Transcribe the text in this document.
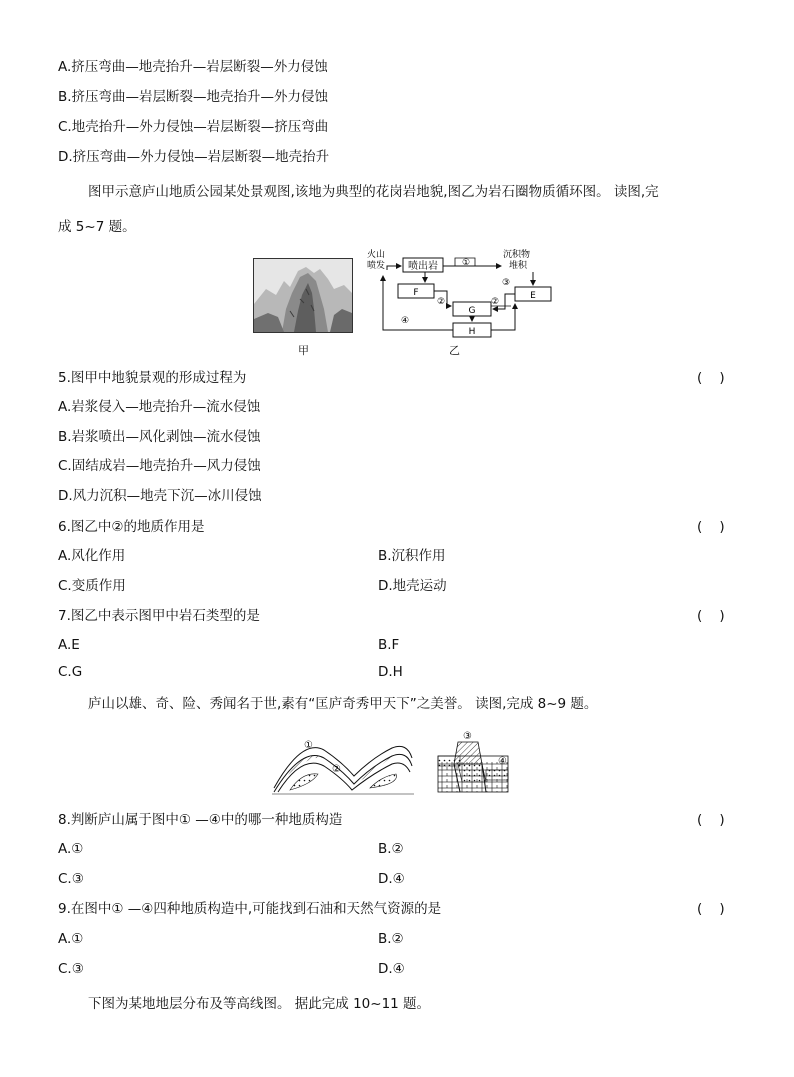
A.挤压弯曲—地壳抬升—岩层断裂—外力侵蚀
B.挤压弯曲—岩层断裂—地壳抬升—外力侵蚀
C.地壳抬升—外力侵蚀—岩层断裂—挤压弯曲
D.挤压弯曲—外力侵蚀—岩层断裂—地壳抬升
图甲示意庐山地质公园某处景观图,该地为典型的花岗岩地貌,图乙为岩石圈物质循环图。 读图,完
成 5~7 题。
甲
喷出岩
F
G
H
E
火山
喷发
沉积物
堆积
①
②	②
③
④
乙
5.图甲中地貌景观的形成过程为	(    )
A.岩浆侵入—地壳抬升—流水侵蚀
B.岩浆喷出—风化剥蚀—流水侵蚀
C.固结成岩—地壳抬升—风力侵蚀
D.风力沉积—地壳下沉—冰川侵蚀
6.图乙中②的地质作用是	(    )
A.风化作用	B.沉积作用
C.变质作用	D.地壳运动
7.图乙中表示图甲中岩石类型的是	(    )
A.E	B.F
C.G	D.H
庐山以雄、奇、险、秀闻名于世,素有“匡庐奇秀甲天下”之美誉。 读图,完成 8~9 题。
①
②
③
④
8.判断庐山属于图中① —④中的哪一种地质构造	(    )
A.①	B.②
C.③	D.④
9.在图中① —④四种地质构造中,可能找到石油和天然气资源的是	(    )
A.①	B.②
C.③	D.④
下图为某地地层分布及等高线图。 据此完成 10~11 题。
